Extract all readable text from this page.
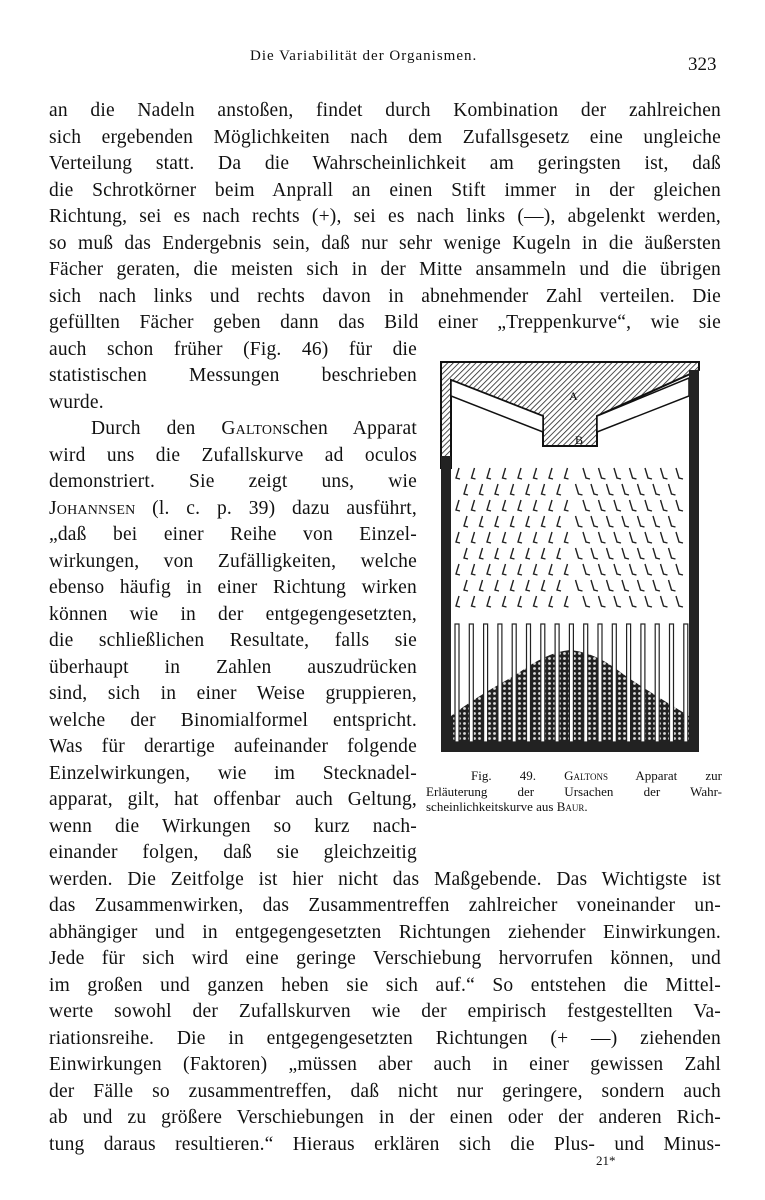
Die Variabilität der Organismen.	323
an die Nadeln anstoßen, findet durch Kombination der zahlreichen
sich ergebenden Möglichkeiten nach dem Zufallsgesetz eine ungleiche
Verteilung statt. Da die Wahrscheinlichkeit am geringsten ist, daß
die Schrotkörner beim Anprall an einen Stift immer in der gleichen
Richtung, sei es nach rechts (+), sei es nach links (—), abgelenkt werden,
so muß das Endergebnis sein, daß nur sehr wenige Kugeln in die äußersten
Fächer geraten, die meisten sich in der Mitte ansammeln und die übrigen
sich nach links und rechts davon in abnehmender Zahl verteilen. Die
gefüllten Fächer geben dann das Bild einer „Treppenkurve“, wie sie
auch schon früher (Fig. 46) für die
statistischen Messungen beschrieben
wurde.
Durch den Galtonschen Apparat
wird uns die Zufallskurve ad oculos
demonstriert. Sie zeigt uns, wie
Johannsen (l. c. p. 39) dazu ausführt,
„daß bei einer Reihe von Einzel-
wirkungen, von Zufälligkeiten, welche
ebenso häufig in einer Richtung wirken
können wie in der entgegengesetzten,
die schließlichen Resultate, falls sie
überhaupt in Zahlen auszudrücken
sind, sich in einer Weise gruppieren,
welche der Binomialformel entspricht.
Was für derartige aufeinander folgende
Einzelwirkungen, wie im Stecknadel-
apparat, gilt, hat offenbar auch Geltung,
wenn die Wirkungen so kurz nach-
einander folgen, daß sie gleichzeitig
werden. Die Zeitfolge ist hier nicht das Maßgebende. Das Wichtigste ist
das Zusammenwirken, das Zusammentreffen zahlreicher voneinander un-
abhängiger und in entgegengesetzten Richtungen ziehender Einwirkungen.
Jede für sich wird eine geringe Verschiebung hervorrufen können, und
im großen und ganzen heben sie sich auf.“ So entstehen die Mittel-
werte sowohl der Zufallskurven wie der empirisch festgestellten Va-
riationsreihe. Die in entgegengesetzten Richtungen (+ —) ziehenden
Einwirkungen (Faktoren) „müssen aber auch in einer gewissen Zahl
der Fälle so zusammentreffen, daß nicht nur geringere, sondern auch
ab und zu größere Verschiebungen in der einen oder der anderen Rich-
tung daraus resultieren.“ Hieraus erklären sich die Plus- und Minus-
A
B
Fig. 49. Galtons Apparat zur
Erläuterung der Ursachen der Wahr-
scheinlichkeitskurve aus Baur.
21*
